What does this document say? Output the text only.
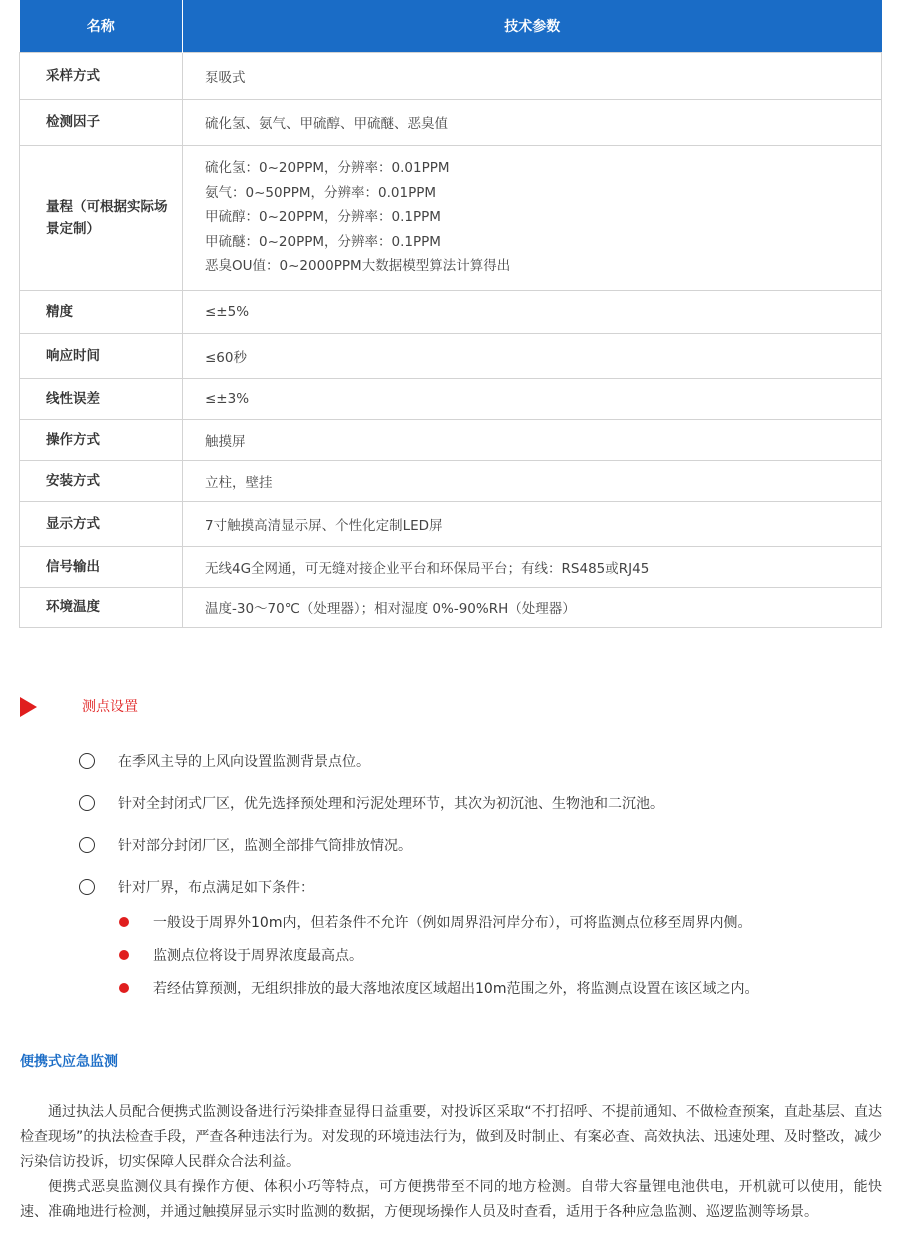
名称	技术参数
采样方式	泵吸式
检测因子	硫化氢、氨气、甲硫醇、甲硫醚、恶臭值
量程（可根据实际场景定制）	硫化氢：0~20PPM，分辨率：0.01PPM
氨气：0~50PPM，分辨率：0.01PPM
甲硫醇：0~20PPM，分辨率：0.1PPM
甲硫醚：0~20PPM，分辨率：0.1PPM
恶臭OU值：0~2000PPM大数据模型算法计算得出

精度	≤±5%
响应时间	≤60秒
线性误差	≤±3%
操作方式	触摸屏
安装方式	立柱，壁挂
显示方式	7寸触摸高清显示屏、个性化定制LED屏
信号输出	无线4G全网通，可无缝对接企业平台和环保局平台；有线：RS485或RJ45
环境温度	温度-30～70℃（处理器）；相对湿度 0%-90%RH（处理器）
测点设置
在季风主导的上风向设置监测背景点位。
针对全封闭式厂区，优先选择预处理和污泥处理环节，其次为初沉池、生物池和二沉池。
针对部分封闭厂区，监测全部排气筒排放情况。
针对厂界，布点满足如下条件：
一般设于周界外10m内，但若条件不允许（例如周界沿河岸分布），可将监测点位移至周界内侧。
监测点位将设于周界浓度最高点。
若经估算预测，无组织排放的最大落地浓度区域超出10m范围之外，将监测点设置在该区域之内。
便携式应急监测

通过执法人员配合便携式监测设备进行污染排查显得日益重要，对投诉区采取“不打招呼、不提前通知、不做检查预案，直赴基层、直达检查现场”的执法检查手段，严查各种违法行为。对发现的环境违法行为，做到及时制止、有案必查、高效执法、迅速处理、及时整改，减少污染信访投诉，切实保障人民群众合法利益。

便携式恶臭监测仪具有操作方便、体积小巧等特点，可方便携带至不同的地方检测。自带大容量锂电池供电，开机就可以使用，能快速、准确地进行检测，并通过触摸屏显示实时监测的数据，方便现场操作人员及时查看，适用于各种应急监测、巡逻监测等场景。
